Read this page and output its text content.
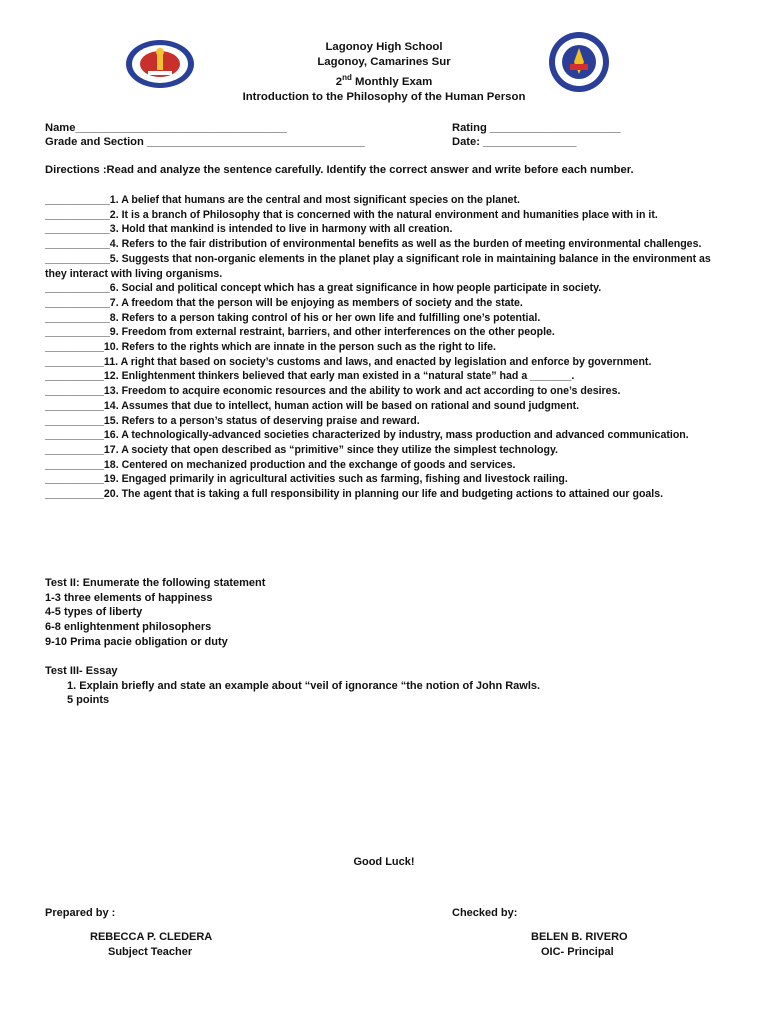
Lagonoy High School
Lagonoy, Camarines Sur
2nd Monthly Exam
Introduction to the Philosophy of the Human Person
Name__________________________________
Grade and Section ___________________________________
Rating _____________________
Date: _______________
Directions :Read and analyze the sentence carefully. Identify the correct answer and write before each number.
___________1. A belief that humans are the central and most significant species on the planet.
___________2. It is a branch of Philosophy that is concerned with the natural environment and humanities place with in it.
___________3. Hold that mankind is intended to live in harmony with all creation.
___________4. Refers to the fair distribution of environmental benefits as well as the burden of meeting environmental challenges.
___________5. Suggests that non-organic elements in the planet play a significant role in maintaining balance in the environment as they interact with living organisms.
___________6. Social and political concept which has a great significance in how people participate in society.
___________7. A freedom that the person will be enjoying as members of society and the state.
___________8. Refers to a person taking control of his or her own life and fulfilling one’s potential.
___________9. Freedom from external restraint, barriers, and other interferences on the other people.
__________10. Refers to the rights which are innate in the person such as the right to life.
__________11. A right that based on society’s customs and laws, and enacted by legislation and enforce by government.
__________12. Enlightenment thinkers believed that early man existed in a “natural state” had a _______.
__________13. Freedom to acquire economic resources and the ability to work and act according to one’s desires.
__________14. Assumes that due to intellect, human action will be based on rational and sound judgment.
__________15. Refers to a person’s status of deserving praise and reward.
__________16. A technologically-advanced societies characterized by industry, mass production and advanced communication.
__________17. A society that open described as “primitive” since they utilize the simplest technology.
__________18. Centered on mechanized production and the exchange of goods and services.
__________19. Engaged primarily in agricultural activities such as farming, fishing and livestock railing.
__________20. The agent that is taking a full responsibility in planning our life and budgeting actions to attained our goals.
Test II: Enumerate the following statement
1-3 three elements of happiness
4-5 types of liberty
6-8 enlightenment philosophers
9-10 Prima pacie obligation or duty
Test III- Essay
1. Explain briefly and state an example about “veil of ignorance “the notion of John Rawls.
5 points
Good Luck!
Prepared by :
REBECCA P. CLEDERA
Subject Teacher
Checked by:
BELEN B. RIVERO
OIC- Principal
